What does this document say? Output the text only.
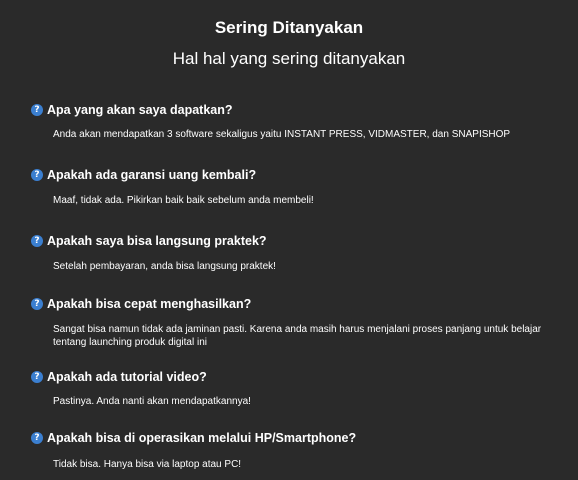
Sering Ditanyakan
Hal hal yang sering ditanyakan
?
Apa yang akan saya dapatkan?
Anda akan mendapatkan 3 software sekaligus yaitu INSTANT PRESS, VIDMASTER, dan SNAPISHOP
?
Apakah ada garansi uang kembali?
Maaf, tidak ada. Pikirkan baik baik sebelum anda membeli!
?
Apakah saya bisa langsung praktek?
Setelah pembayaran, anda bisa langsung praktek!
?
Apakah bisa cepat menghasilkan?
Sangat bisa namun tidak ada jaminan pasti. Karena anda masih harus menjalani proses panjang untuk belajar tentang launching produk digital ini
?
Apakah ada tutorial video?
Pastinya. Anda nanti akan mendapatkannya!
?
Apakah bisa di operasikan melalui HP/Smartphone?
Tidak bisa. Hanya bisa via laptop atau PC!
